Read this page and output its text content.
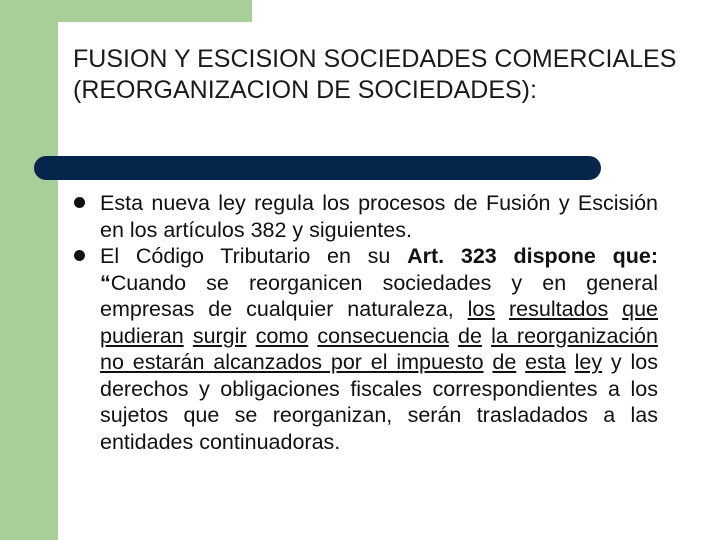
FUSION Y ESCISION SOCIEDADES COMERCIALES (REORGANIZACION DE SOCIEDADES):
Esta nueva ley regula los procesos de Fusión y Escisión en los artículos 382 y siguientes.
El Código Tributario en su Art. 323 dispone que: “Cuando se reorganicen sociedades y en general empresas de cualquier naturaleza, los resultados que pudieran surgir como consecuencia de la reorganización no estarán alcanzados por el impuesto de esta ley y los derechos y obligaciones fiscales correspondientes a los sujetos que se reorganizan, serán trasladados a las entidades continuadoras.
